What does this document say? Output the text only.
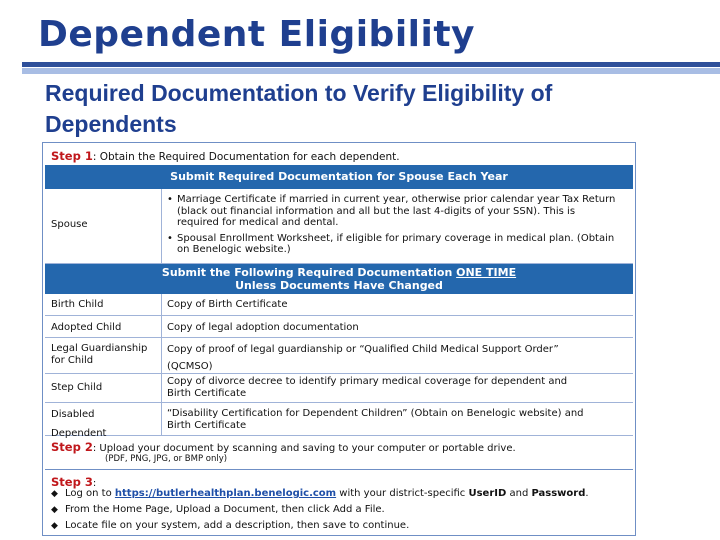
Dependent Eligibility
Required Documentation to Verify Eligibility of
Dependents
Step 1: Obtain the Required Documentation for each dependent.
Submit Required Documentation for Spouse Each Year
Spouse
• Marriage Certificate if married in current year, otherwise prior calendar year Tax Return (black out financial information and all but the last 4-digits of your SSN). This is required for medical and dental.
• Spousal Enrollment Worksheet, if eligible for primary coverage in medical plan. (Obtain on Benelogic website.)
Submit the Following Required Documentation ONE TIME
Unless Documents Have Changed
Birth Child	Copy of Birth Certificate
Adopted Child	Copy of legal adoption documentation
Legal Guardianship for Child
Copy of proof of legal guardianship or “Qualified Child Medical Support Order” (QCMSO)
Step Child
Copy of divorce decree to identify primary medical coverage for dependent and Birth Certificate
Disabled Dependent
“Disability Certification for Dependent Children” (Obtain on Benelogic website) and Birth Certificate
Step 2: Upload your document by scanning and saving to your computer or portable drive.
(PDF, PNG, JPG, or BMP only)
Step 3:
◆ Log on to https://butlerhealthplan.benelogic.com with your district-specific UserID and Password.
◆ From the Home Page, Upload a Document, then click Add a File.
◆ Locate file on your system, add a description, then save to continue.
